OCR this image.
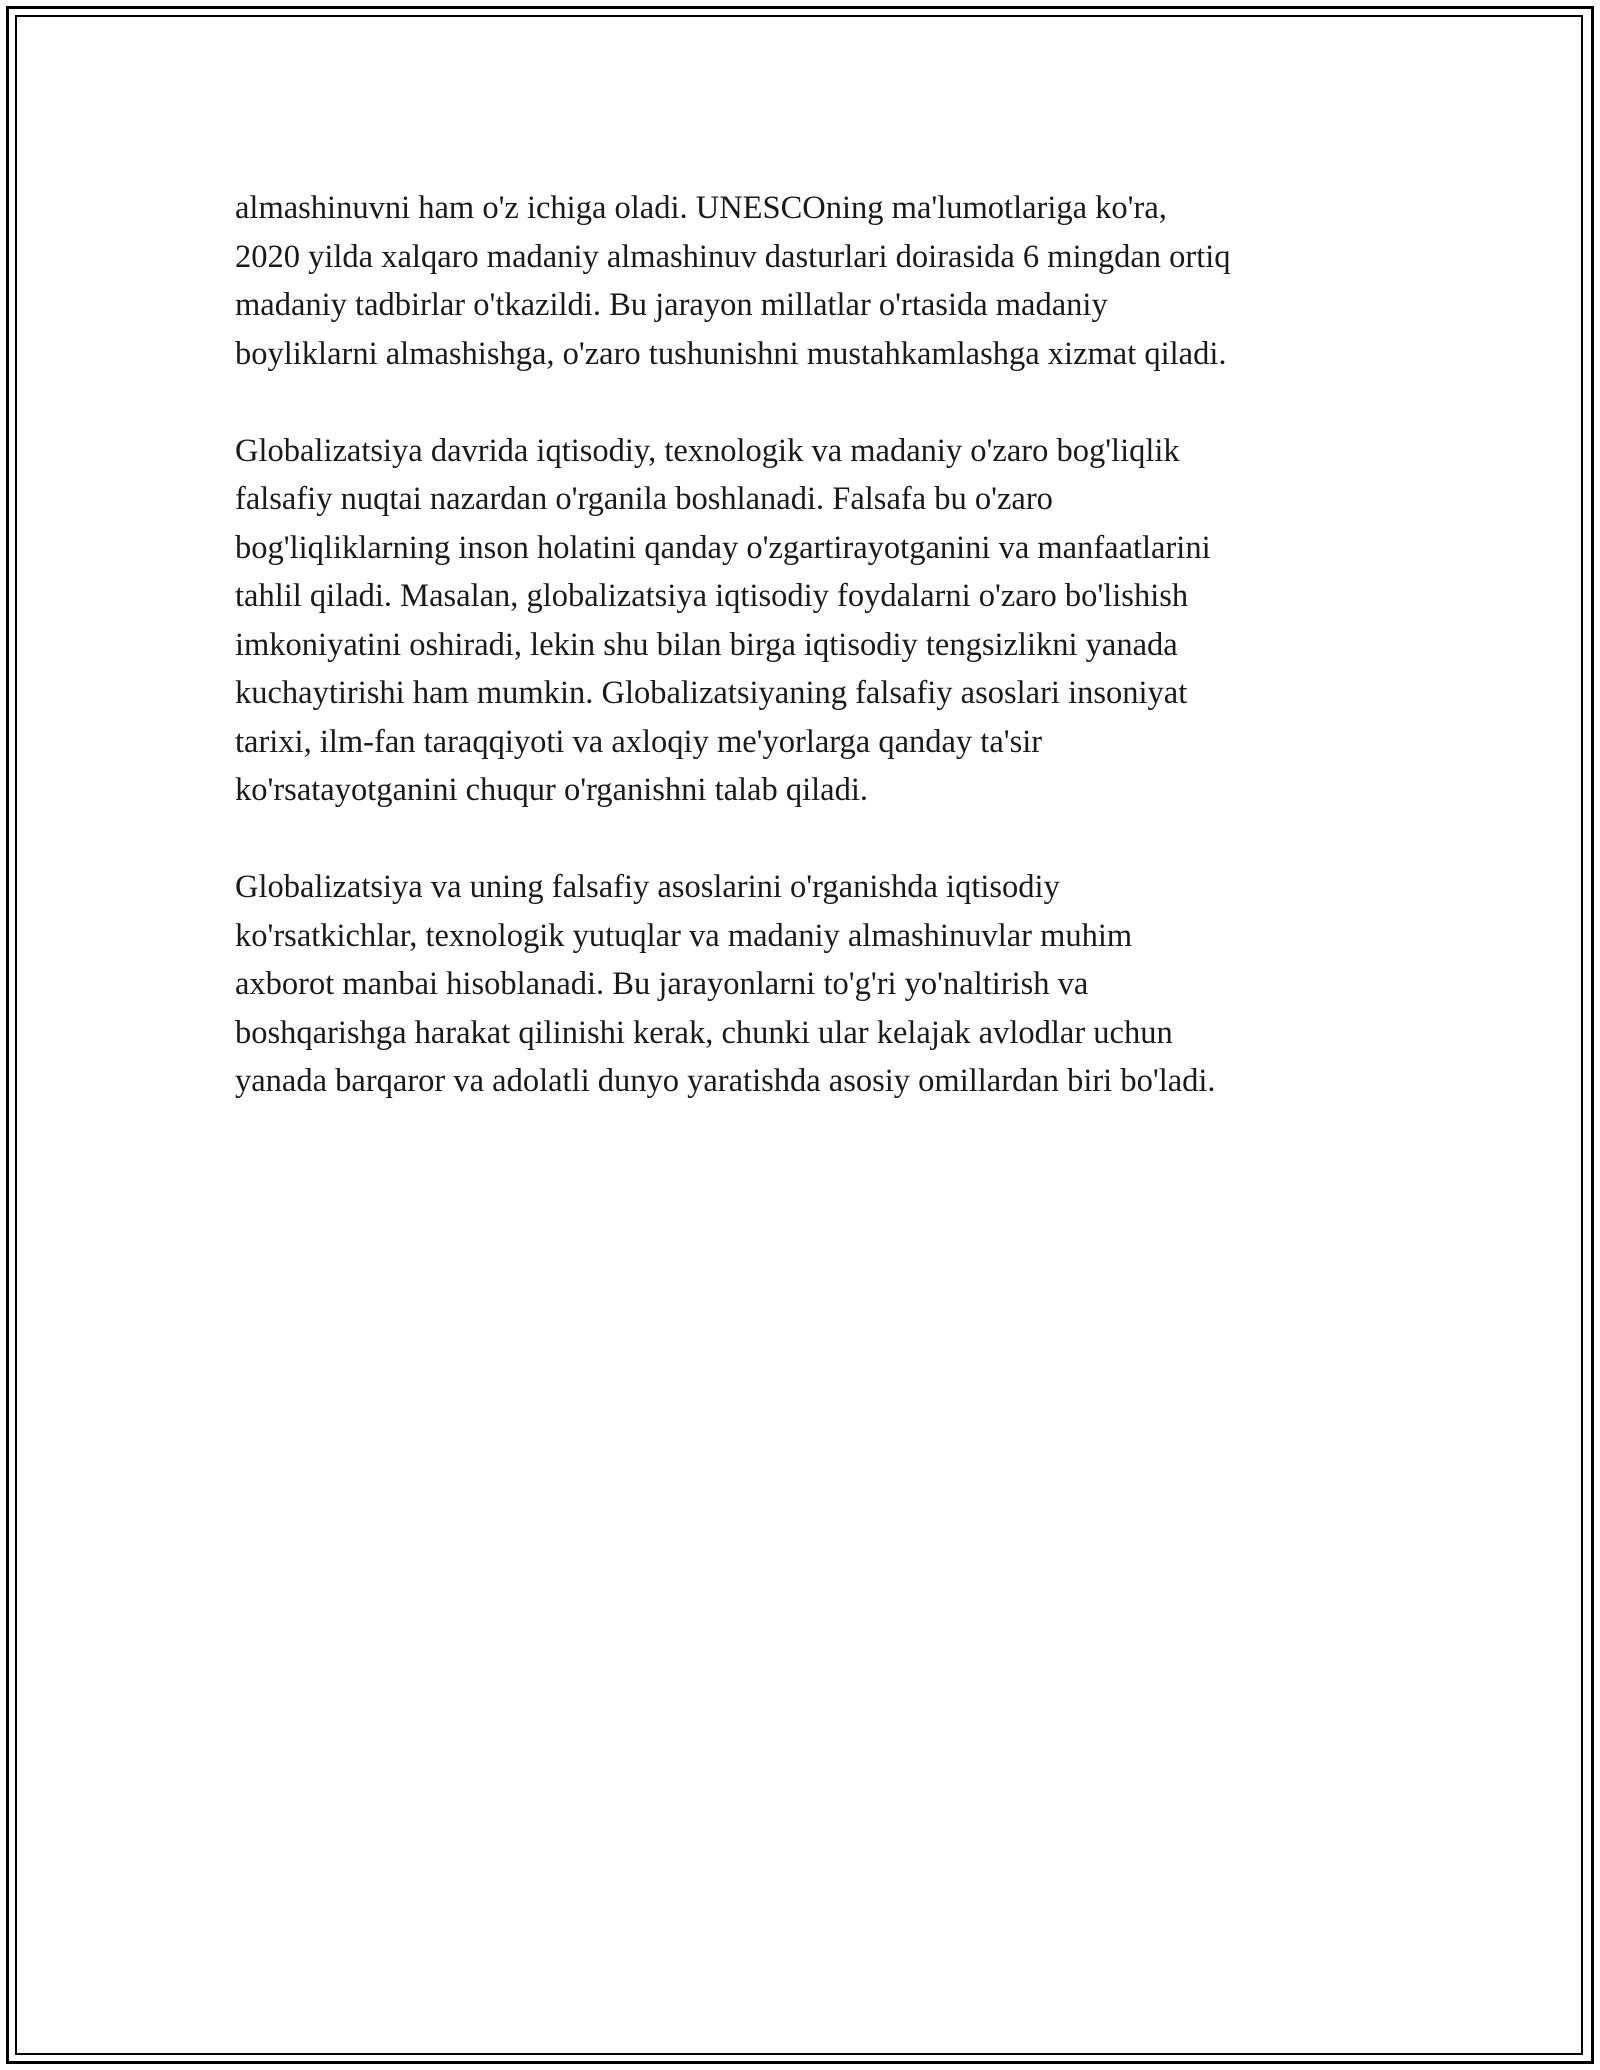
almashinuvni ham o'z ichiga oladi. UNESCOning ma'lumotlariga ko'ra,
2020 yilda xalqaro madaniy almashinuv dasturlari doirasida 6 mingdan ortiq
madaniy tadbirlar o'tkazildi. Bu jarayon millatlar o'rtasida madaniy
boyliklarni almashishga, o'zaro tushunishni mustahkamlashga xizmat qiladi.

Globalizatsiya davrida iqtisodiy, texnologik va madaniy o'zaro bog'liqlik
falsafiy nuqtai nazardan o'rganila boshlanadi. Falsafa bu o'zaro
bog'liqliklarning inson holatini qanday o'zgartirayotganini va manfaatlarini
tahlil qiladi. Masalan, globalizatsiya iqtisodiy foydalarni o'zaro bo'lishish
imkoniyatini oshiradi, lekin shu bilan birga iqtisodiy tengsizlikni yanada
kuchaytirishi ham mumkin. Globalizatsiyaning falsafiy asoslari insoniyat
tarixi, ilm-fan taraqqiyoti va axloqiy me'yorlarga qanday ta'sir
ko'rsatayotganini chuqur o'rganishni talab qiladi.

Globalizatsiya va uning falsafiy asoslarini o'rganishda iqtisodiy
ko'rsatkichlar, texnologik yutuqlar va madaniy almashinuvlar muhim
axborot manbai hisoblanadi. Bu jarayonlarni to'g'ri yo'naltirish va
boshqarishga harakat qilinishi kerak, chunki ular kelajak avlodlar uchun
yanada barqaror va adolatli dunyo yaratishda asosiy omillardan biri bo'ladi.
